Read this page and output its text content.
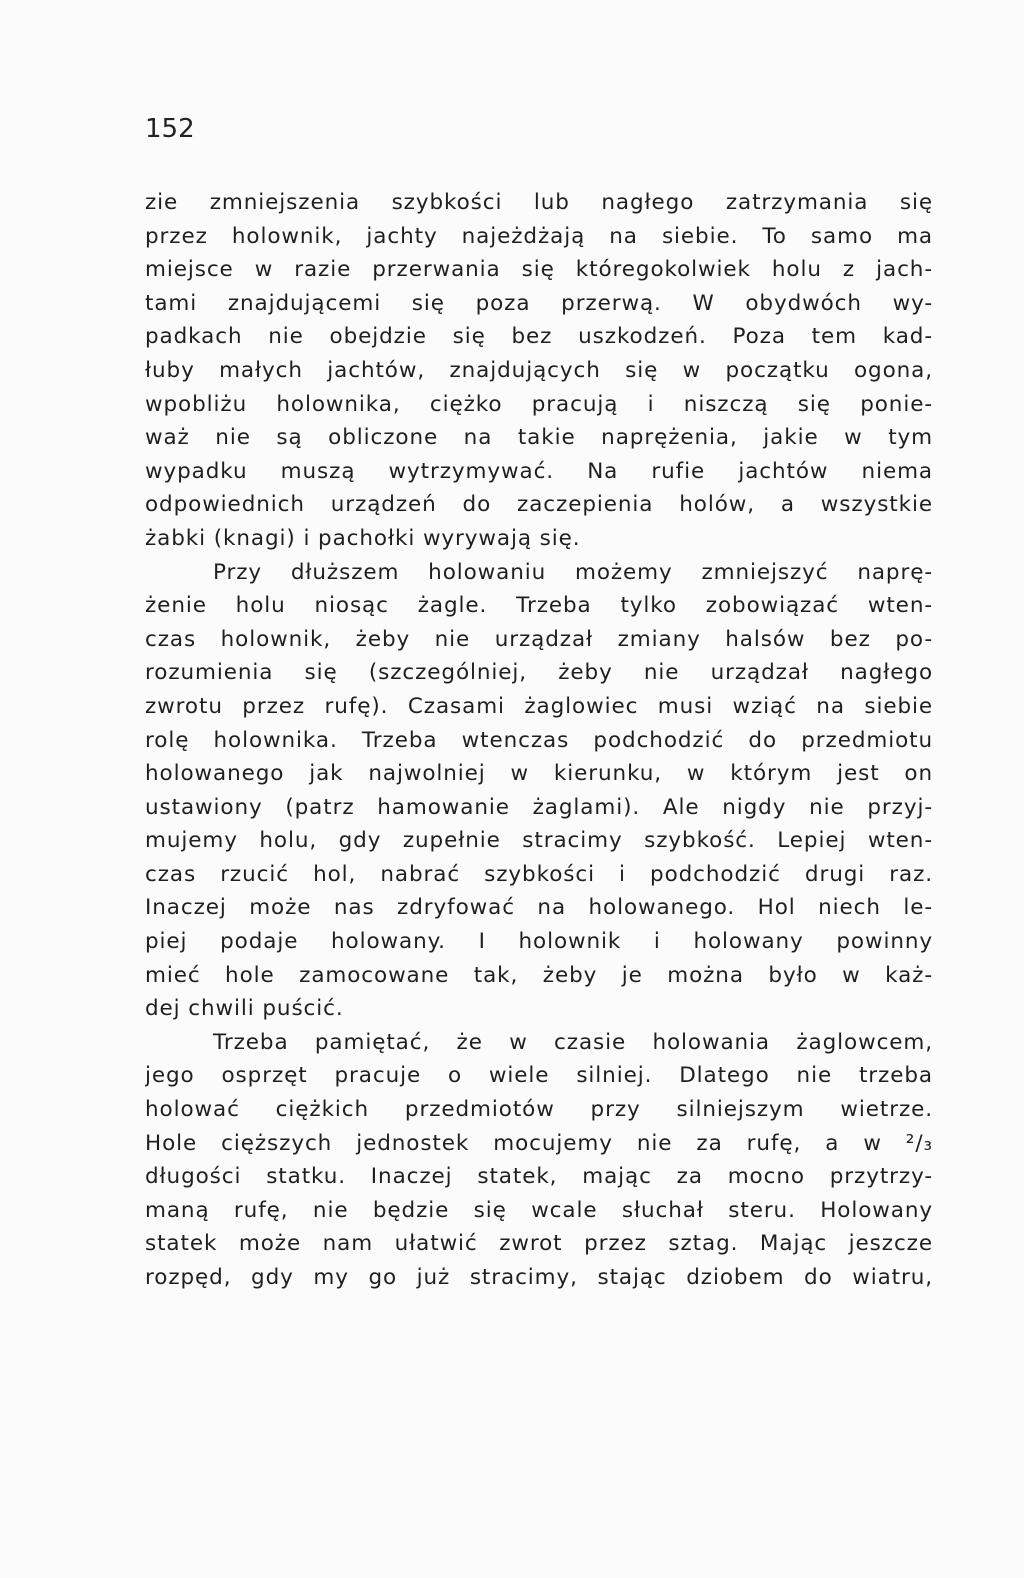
152
zie zmniejszenia szybkości lub nagłego zatrzymania się
przez holownik, jachty najeżdżają na siebie. To samo ma
miejsce w razie przerwania się któregokolwiek holu z jach-
tami znajdującemi się poza przerwą. W obydwóch wy-
padkach nie obejdzie się bez uszkodzeń. Poza tem kad-
łuby małych jachtów, znajdujących się w początku ogona,
wpobliżu holownika, ciężko pracują i niszczą się ponie-
waż nie są obliczone na takie naprężenia, jakie w tym
wypadku muszą wytrzymywać. Na rufie jachtów niema
odpowiednich urządzeń do zaczepienia holów, a wszystkie
żabki (knagi) i pachołki wyrywają się.
Przy dłuższem holowaniu możemy zmniejszyć naprę-
żenie holu niosąc żagle. Trzeba tylko zobowiązać wten-
czas holownik, żeby nie urządzał zmiany halsów bez po-
rozumienia się (szczególniej, żeby nie urządzał nagłego
zwrotu przez rufę). Czasami żaglowiec musi wziąć na siebie
rolę holownika. Trzeba wtenczas podchodzić do przedmiotu
holowanego jak najwolniej w kierunku, w którym jest on
ustawiony (patrz hamowanie żaglami). Ale nigdy nie przyj-
mujemy holu, gdy zupełnie stracimy szybkość. Lepiej wten-
czas rzucić hol, nabrać szybkości i podchodzić drugi raz.
Inaczej może nas zdryfować na holowanego. Hol niech le-
piej podaje holowany. I holownik i holowany powinny
mieć hole zamocowane tak, żeby je można było w każ-
dej chwili puścić.
Trzeba pamiętać, że w czasie holowania żaglowcem,
jego osprzęt pracuje o wiele silniej. Dlatego nie trzeba
holować ciężkich przedmiotów przy silniejszym wietrze.
Hole cięższych jednostek mocujemy nie za rufę, a w ²/₃
długości statku. Inaczej statek, mając za mocno przytrzy-
maną rufę, nie będzie się wcale słuchał steru. Holowany
statek może nam ułatwić zwrot przez sztag. Mając jeszcze
rozpęd, gdy my go już stracimy, stając dziobem do wiatru,
